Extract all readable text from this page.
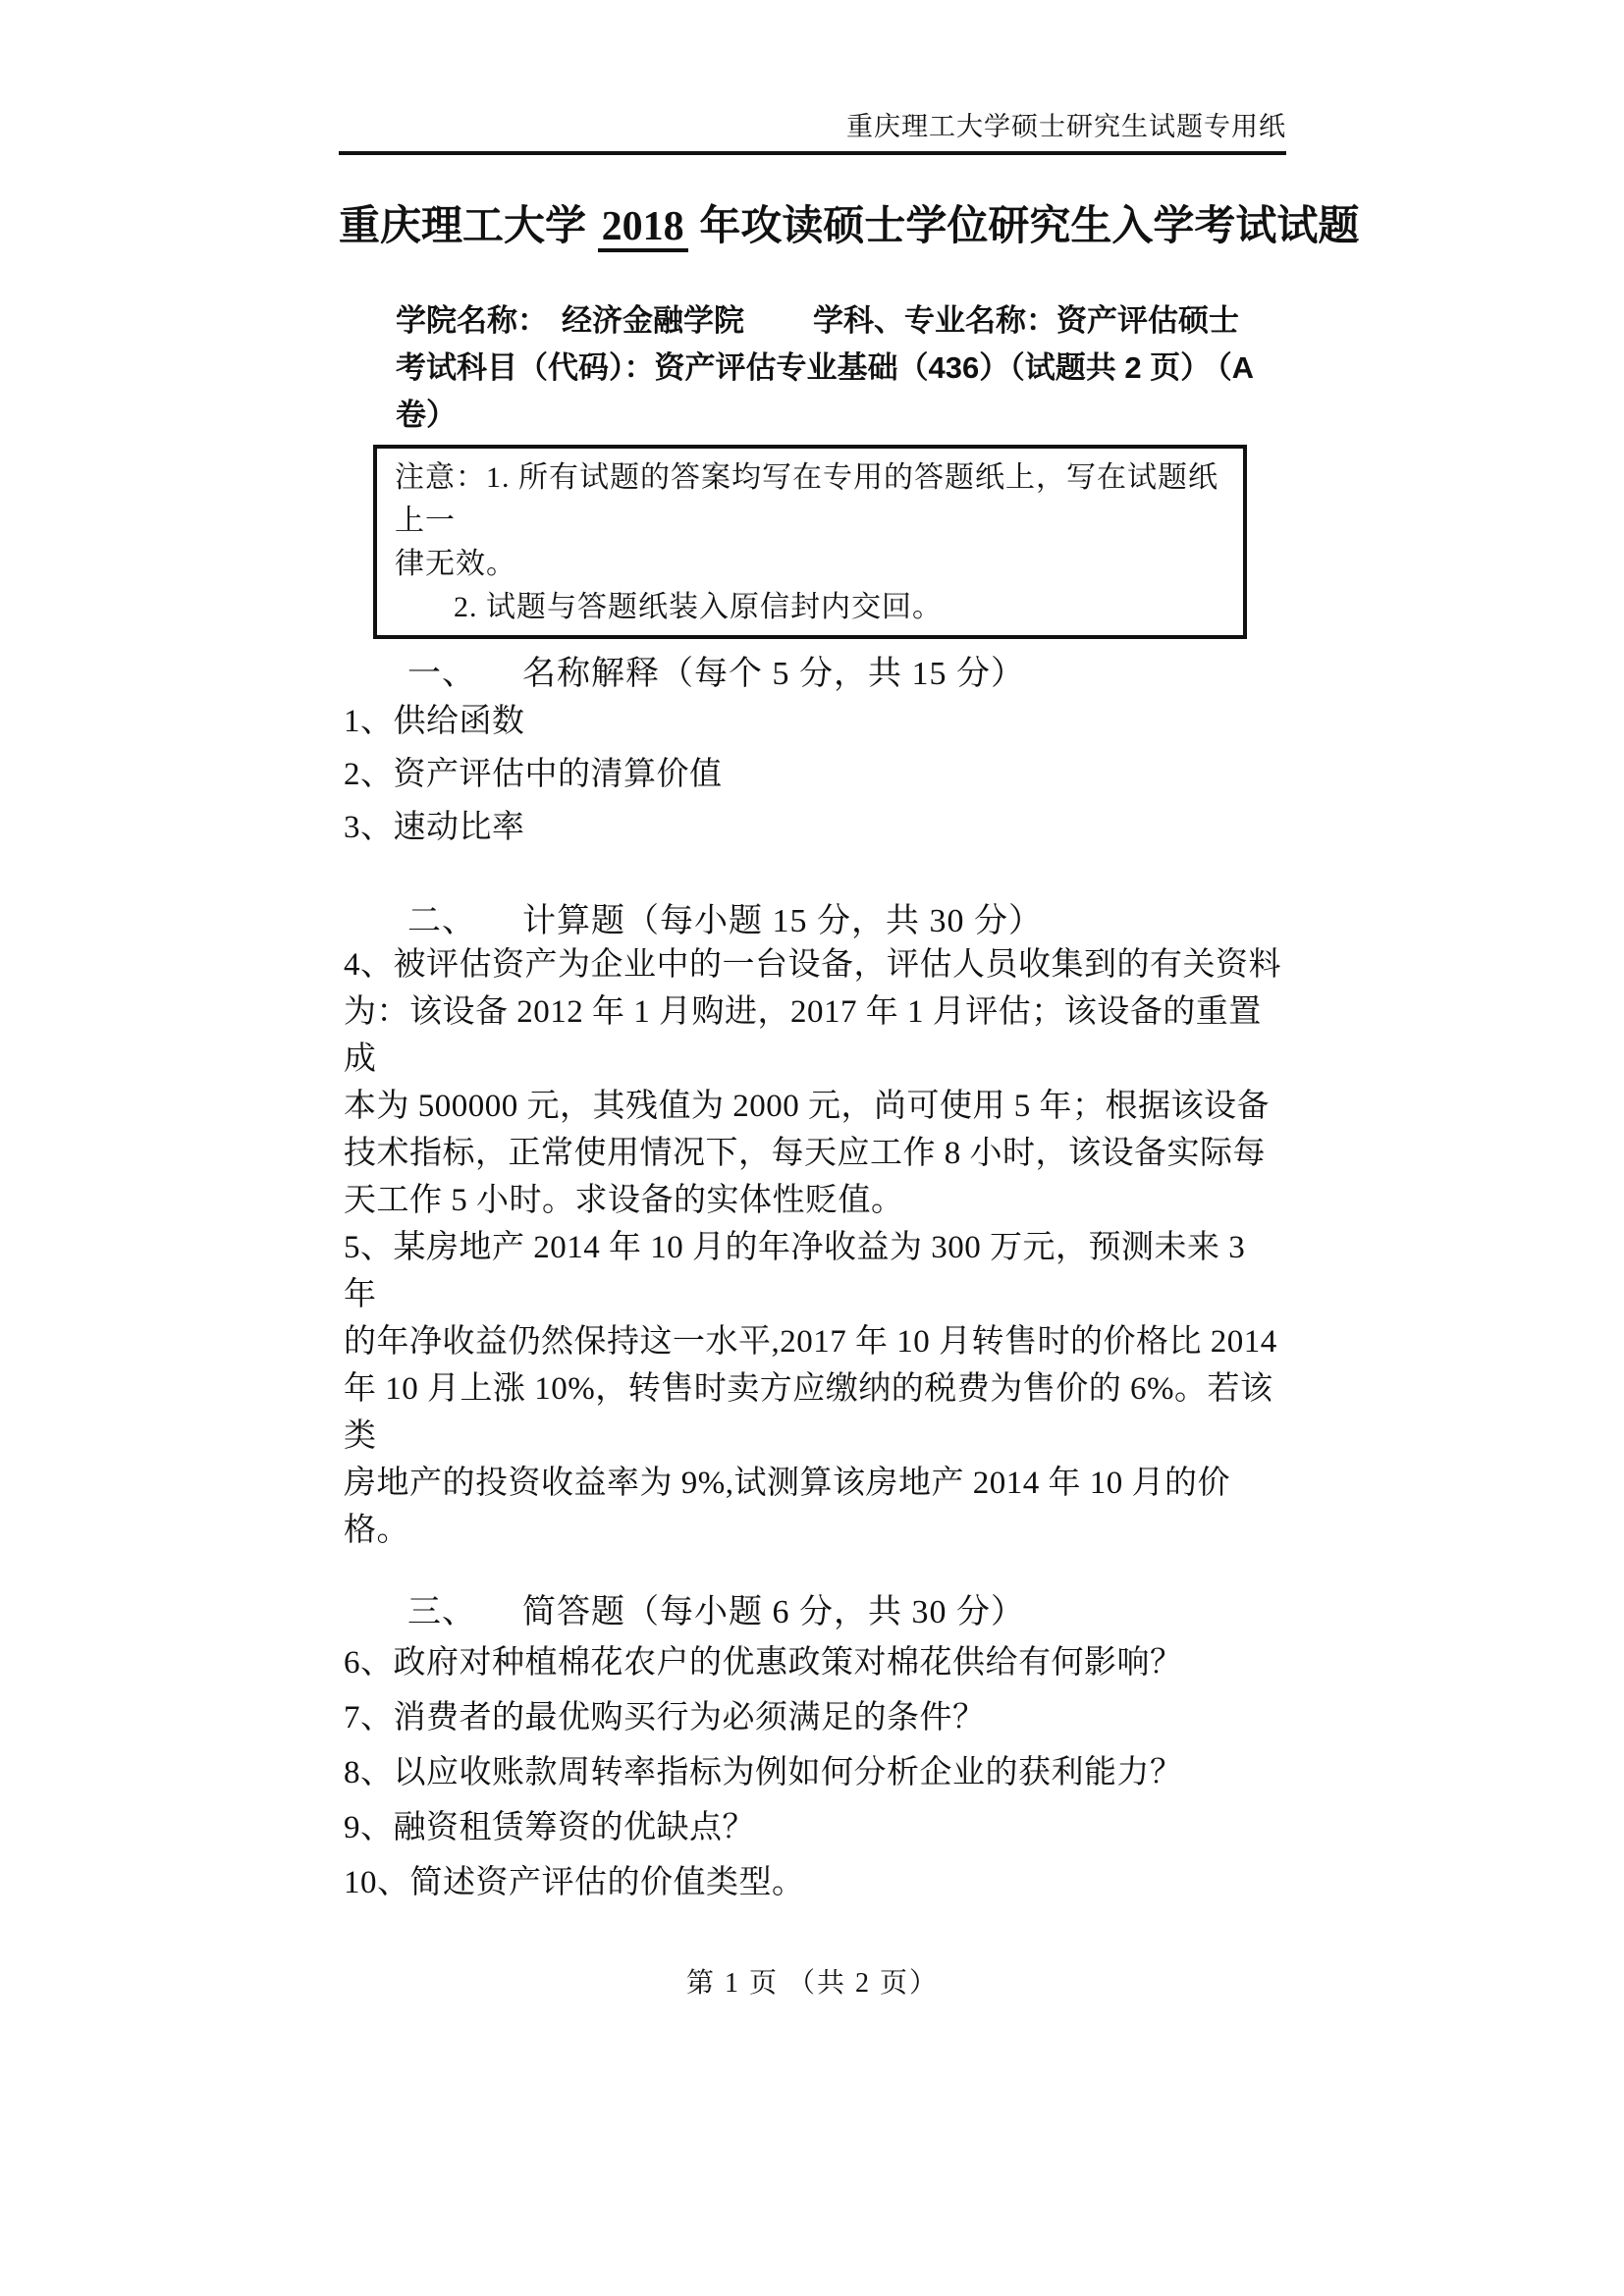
重庆理工大学硕士研究生试题专用纸
重庆理工大学 2018 年攻读硕士学位研究生入学考试试题
学院名称： 经济金融学院 学科、专业名称：资产评估硕士
考试科目（代码）：资产评估专业基础（436）（试题共 2 页） （A 卷）
注意：1. 所有试题的答案均写在专用的答题纸上，写在试题纸上一
律无效。
2. 试题与答题纸装入原信封内交回。
一、 名称解释（每个 5 分，共 15 分）
1、供给函数
2、资产评估中的清算价值
3、速动比率
二、 计算题（每小题 15 分，共 30 分）
4、被评估资产为企业中的一台设备，评估人员收集到的有关资料
为：该设备 2012 年 1 月购进，2017 年 1 月评估；该设备的重置成
本为 500000 元，其残值为 2000 元，尚可使用 5 年；根据该设备
技术指标，正常使用情况下，每天应工作 8 小时，该设备实际每
天工作 5 小时。求设备的实体性贬值。
5、某房地产 2014 年 10 月的年净收益为 300 万元，预测未来 3 年
的年净收益仍然保持这一水平,2017 年 10 月转售时的价格比 2014
年 10 月上涨 10%，转售时卖方应缴纳的税费为售价的 6%。若该类
房地产的投资收益率为 9%,试测算该房地产 2014 年 10 月的价格。
三、 简答题（每小题 6 分，共 30 分）
6、政府对种植棉花农户的优惠政策对棉花供给有何影响？
7、消费者的最优购买行为必须满足的条件？
8、以应收账款周转率指标为例如何分析企业的获利能力？
9、融资租赁筹资的优缺点？
10、简述资产评估的价值类型。
第 1 页 （共 2 页）
